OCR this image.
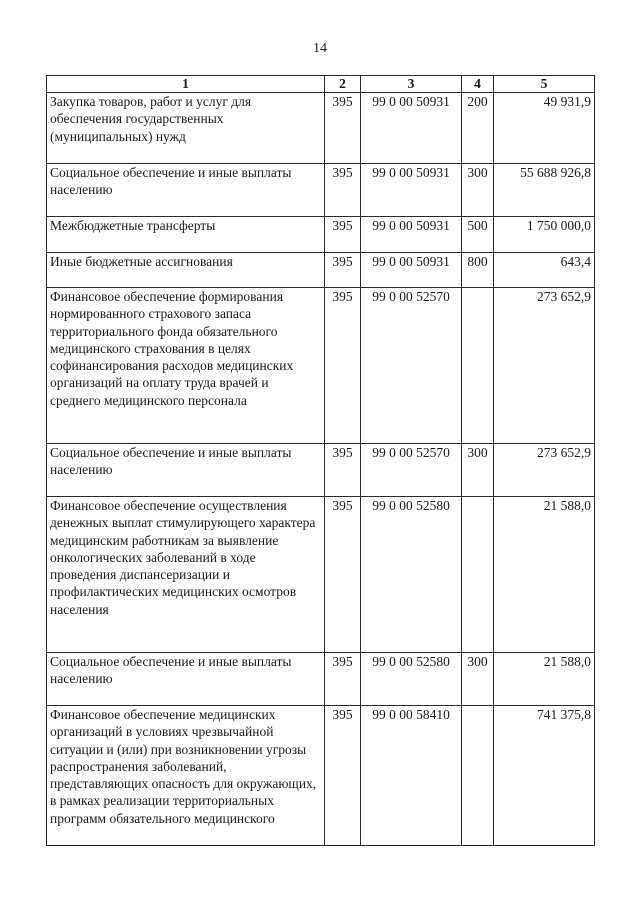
14
1	2	3	4	5
Закупка товаров, работ и услуг для обеспечения государственных (муниципальных) нужд	395	99 0 00 50931	200	49 931,9
Социальное обеспечение и иные выплаты населению	395	99 0 00 50931	300	55 688 926,8
Межбюджетные трансферты	395	99 0 00 50931	500	1 750 000,0
Иные бюджетные ассигнования	395	99 0 00 50931	800	643,4
Финансовое обеспечение формирования нормированного страхового запаса территориального фонда обязательного медицинского страхования в целях софинансирования расходов медицинских организаций на оплату труда врачей и среднего медицинского персонала	395	99 0 00 52570		273 652,9
Социальное обеспечение и иные выплаты населению	395	99 0 00 52570	300	273 652,9
Финансовое обеспечение осуществления денежных выплат стимулирующего характера медицинским работникам за выявление онкологических заболеваний в ходе проведения диспансеризации и профилактических медицинских осмотров населения	395	99 0 00 52580		21 588,0
Социальное обеспечение и иные выплаты населению	395	99 0 00 52580	300	21 588,0
Финансовое обеспечение медицинских организаций в условиях чрезвычайной ситуации и (или) при возникновении угрозы распространения заболеваний, представляющих опасность для окружающих, в рамках реализации территориальных программ обязательного медицинского	395	99 0 00 58410		741 375,8
